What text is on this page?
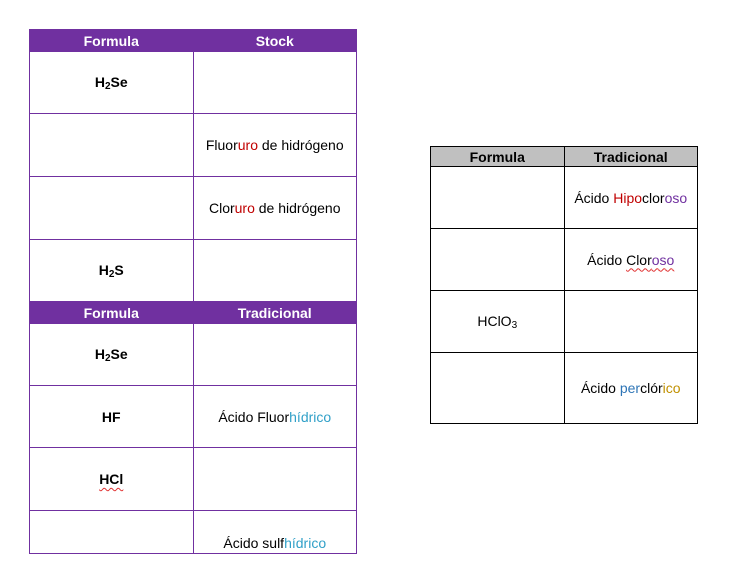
Formula	Stock
$H_2Se$	
	Fluoruro de hidrógeno
	Cloruro de hidrógeno
$H_2S$	
Formula	Tradicional
$H_2Se$	
HF	Ácido Fluorhídrico
HCl	
	Ácido sulfhídrico
Formula	Tradicional
	Ácido Hipocloroso
	Ácido Cloroso
HClO$_3$	
	Ácido perclórico
